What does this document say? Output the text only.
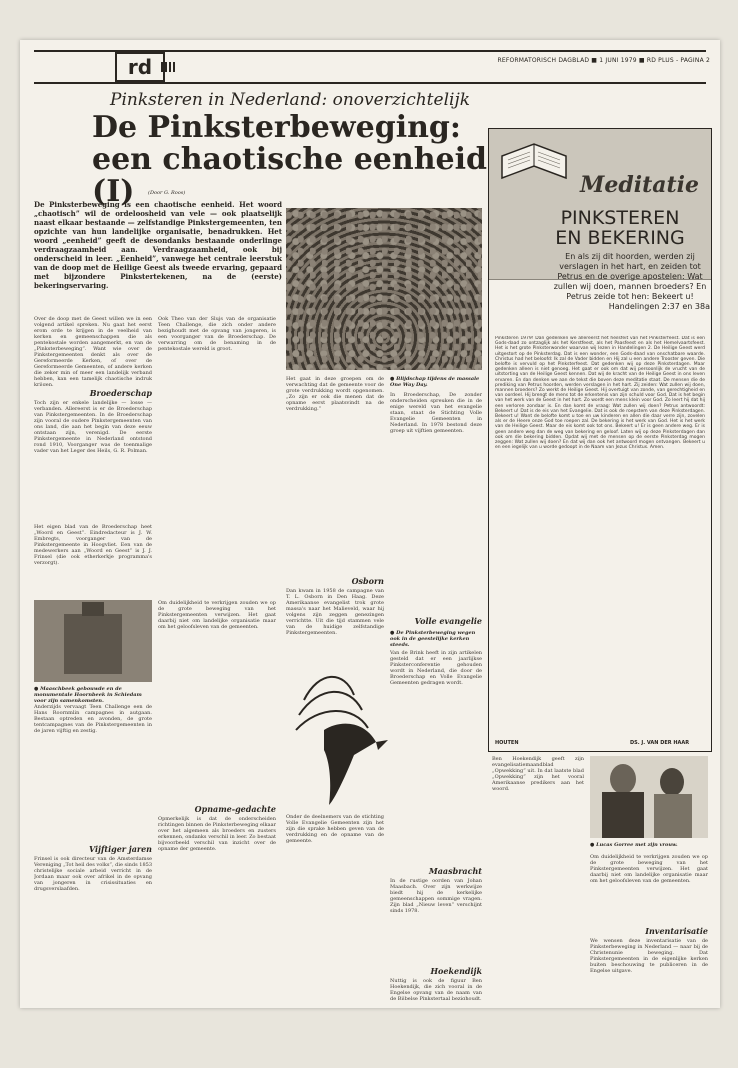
rd	REFORMATORISCH DAGBLAD ■ 1 JUNI 1979 ■ RD PLUS - PAGINA 2
Pinksteren in Nederland: onoverzichtelijk
De Pinksterbeweging:
een chaotische eenheid (I)	(Door G. Roos)
De Pinksterbeweging is een chaotische eenheid. Het woord „chaotisch” wil de ordeloosheid van vele — ook plaatselijk naast elkaar bestaande — zelfstandige Pinkstergemeenten, ten opzichte van hun landelijke organisatie, benadrukken. Het woord „eenheid” geeft de desondanks bestaande onderlinge verdraagzaamheid aan. Verdraagzaamheid, ook bij onderscheid in leer. „Eenheid”, vanwege het centrale leerstuk van de doop met de Heilige Geest als tweede ervaring, gepaard met bijzondere Pinkstertekenen, na de (eerste) bekeringservaring.
Over de doop met de Geest willen we in een volgend artikel spreken. Nu gaat het eerst erom orde te krijgen in de veelheid van kerken en gemeenschappen die als pentekostale worden aangemerkt, en van de „Pinksterbeweging”. Want wie over de Pinkstergemeenten denkt als over de Gereformeerde Kerken, of over de Gereformeerde Gemeenten, of andere kerken die zeker min of meer een landelijk verband hebben, kan een tamelijk chaotische indruk krijgen.
Broederschap
Toch zijn er enkele landelijke — losse — verbanden. Allereerst is er de Broederschap van Pinkstergemeenten. In de Broederschap zijn vooral de oudere Pinkstergemeenten van ons land, die aan het begin van deze eeuw ontstaan zijn, verenigd. De eerste Pinkstergemeente in Nederland ontstond rond 1910, Voorganger was de toenmalige vader van het Leger des Heils, G. R. Polman.
Het eigen blad van de Broederschap heet „Woord en Geest”. Eindredacteur is J. W. Embregts, voorganger van de Pinkstergemeente in Hoogvliet. Een van de medewerkers aan „Woord en Geest” is J. J. Frinsel (die ook etherkerkje programma's verzorgt).
● Maaschbeek gebouwde en de monumentale Hoornbeek in Schiedam voor zijn samenkomsten.
Anderzijds vervaagt Teen Challenge een de Hans Roornmlin campagnes in autgaan. Bestaan optreden en avonden, de grote tentcampagnes van de Pinkstergemeenten in de jaren vijftig en zestig.
Vijftiger jaren
Frinsel is ook directeur van de Amsterdamse Vereniging „Tot heil des volks”, die sinds 1853 christelijke sociale arbeid verricht in de Jordaan maar ook over afrikel in de opvang van jongeren in crisissituaties en drugsverslaafden.
Ook Theo van der Slujs van de organisatie Teen Challenge, die zich onder andere bezighoudt met de opvang van jongeren, is een voorganger van de Broederschap. De verwarring om de benaming in de pentekostale wereld is groot.
Om duidelijkheid te verkrijgen zouden we op de grote beweging van het Pinkstergemeenten verwijzen. Het gaat daarbij niet om landelijke organisatie maar om het geloofsleven van de gemeenten.
Opname-gedachte
Opmerkelijk is dat de onderscheiden richtingen binnen de Pinksterbeweging elkaar over het algemeen als broeders en zusters erkennen, ondanks verschil in leer. Zo bestaat bijvoorbeeld verschil van inzicht over de opname der gemeente.
Het gaat in deze groepen om de verwachting dat de gemeente voor de grote verdrukking wordt opgenomen. „Zo zijn er ook die menen dat de opname eerst plaatsvindt na de verdrukking.”
Osborn
Dan kwam in 1958 de campagne van T. L. Osborn in Den Haag. Deze Amerikaanse evangelist trok grote massa's naar het Malieveld, waar hij volgens zijn zeggen genezingen verrichtte. Uit die tijd stammen vele van de huidige zelfstandige Pinkstergemeenten.
Onder de deelnemers van de stichting Volle Evangelie Gemeenten zijn het zijn die sprake hebben geven van de verdrukking en de opname van de gemeente.
● Blijdschap tijdens de massale One Way Day.
In Broederschap, De zonder onderscheiden spreuken die in de enige wereld van het evangelie staan, staat de Stichting Volle Evangelie Gemeenten in Nederland. In 1978 bestond deze groep uit vijftien gemeenten.
Volle evangelie
● De Pinksterbeweging wegen ook in de geestelijke kerken steeds.
Van de Brink heeft in zijn artikelen gesteld dat er een jaarlijkse Pinksterconferentie gehouden wordt in Nederland, die door de Broederschap en Volle Evangelie Gemeenten gedragen wordt.
Maasbracht
In de rustige oorden van Johan Maasbach. Over zijn werkwijze biedt hij de kerkelijke gemeenschappen sommige vragen. Zijn blad „Nieuw leven” verschijnt sinds 1978.
Hoekendijk
Nuttig is ook de figuur Ben Hoekendijk, die zich vooral in de Engelse opvang van de naam van de Bijbelse Pinkstertaal bezighoudt.
Meditatie
PINKSTEREN
EN BEKERING
En als zij dit hoorden, werden zij verslagen in het hart, en zeiden tot Petrus en de overige apostelen: Wat zullen wij doen, mannen broeders? En Petrus zeide tot hen: Bekeert u!
Handelingen 2:37 en 38a
Pinksteren 1979! Dan gedenken we allereerst het heilsfeit van het Pinksterfeest. Dat is een Gods-daad zo ontzaglijk als het Kerstfeest, als het Paasfeest en als het Hemelvaartsfeest. Het is het grote Pinksterwonder waarvan wij lezen in Handelingen 2. De Heilige Geest werd uitgestort op de Pinksterdag. Dat is een wonder, een Gods-daad van onschatbare waarde. Christus had het beloofd: Ik zal de Vader bidden en Hij zal u een andere Trooster geven. Die belofte is vervuld op het Pinksterfeest. Dat gedenken wij op deze Pinksterdagen. Maar gedenken alleen is niet genoeg. Het gaat er ook om dat wij persoonlijk de vrucht van de uitstorting van de Heilige Geest kennen. Dat wij de kracht van de Heilige Geest in ons leven ervaren. En dan denken we aan de tekst die boven deze meditatie staat. De mensen die de prediking van Petrus hoorden, werden verslagen in het hart. Zij zeiden: Wat zullen wij doen, mannen broeders? Zo werkt de Heilige Geest. Hij overtuigt van zonde, van gerechtigheid en van oordeel. Hij brengt de mens tot de erkentenis van zijn schuld voor God. Dat is het begin van het werk van de Geest in het hart. Zo wordt een mens klein voor God. Zo leert hij dat hij een verloren zondaar is. En dan komt de vraag: Wat zullen wij doen? Petrus antwoordt: Bekeert u! Dat is de eis van het Evangelie. Dat is ook de roepstem van deze Pinksterdagen. Bekeert u! Want de belofte komt u toe en uw kinderen en allen die daar verre zijn, zovelen als er de Heere onze God toe roepen zal. De bekering is het werk van God. Het is het werk van de Heilige Geest. Maar de eis komt ook tot ons. Bekeert u! Er is geen andere weg. Er is geen andere weg dan de weg van bekering en geloof. Laten wij op deze Pinksterdagen dan ook om die bekering bidden. Opdat wij met de mensen op de eerste Pinksterdag mogen zeggen: Wat zullen wij doen? En dat wij dan ook het antwoord mogen ontvangen. Bekeert u en een iegelijk van u worde gedoopt in de Naam van Jezus Christus. Amen.
HOUTEN	DS. J. VAN DER HAAR
Ben Hoekendijk geeft zijn evangelisatiemaandblad „Opwekking” uit. In dat laatste blad „Opwekking” zijn het vooral Amerikaanse predikers aan het woord.
● Lucas Gorree met zijn vrouw.
Om duidelijkheid te verkrijgen zouden we op de grote beweging van het Pinkstergemeenten verwijzen. Het gaat daarbij niet om landelijke organisatie maar om het geloofsleven van de gemeenten.
Inventarisatie
We wensen deze inventarisatie van de Pinksterbeweging in Nederland — naar bij de Christenunie beweging. Dat Pinkstergemeenten in de eigenlijke kerken buiten beschouwing te publiceren in de Engelse uitgave.
